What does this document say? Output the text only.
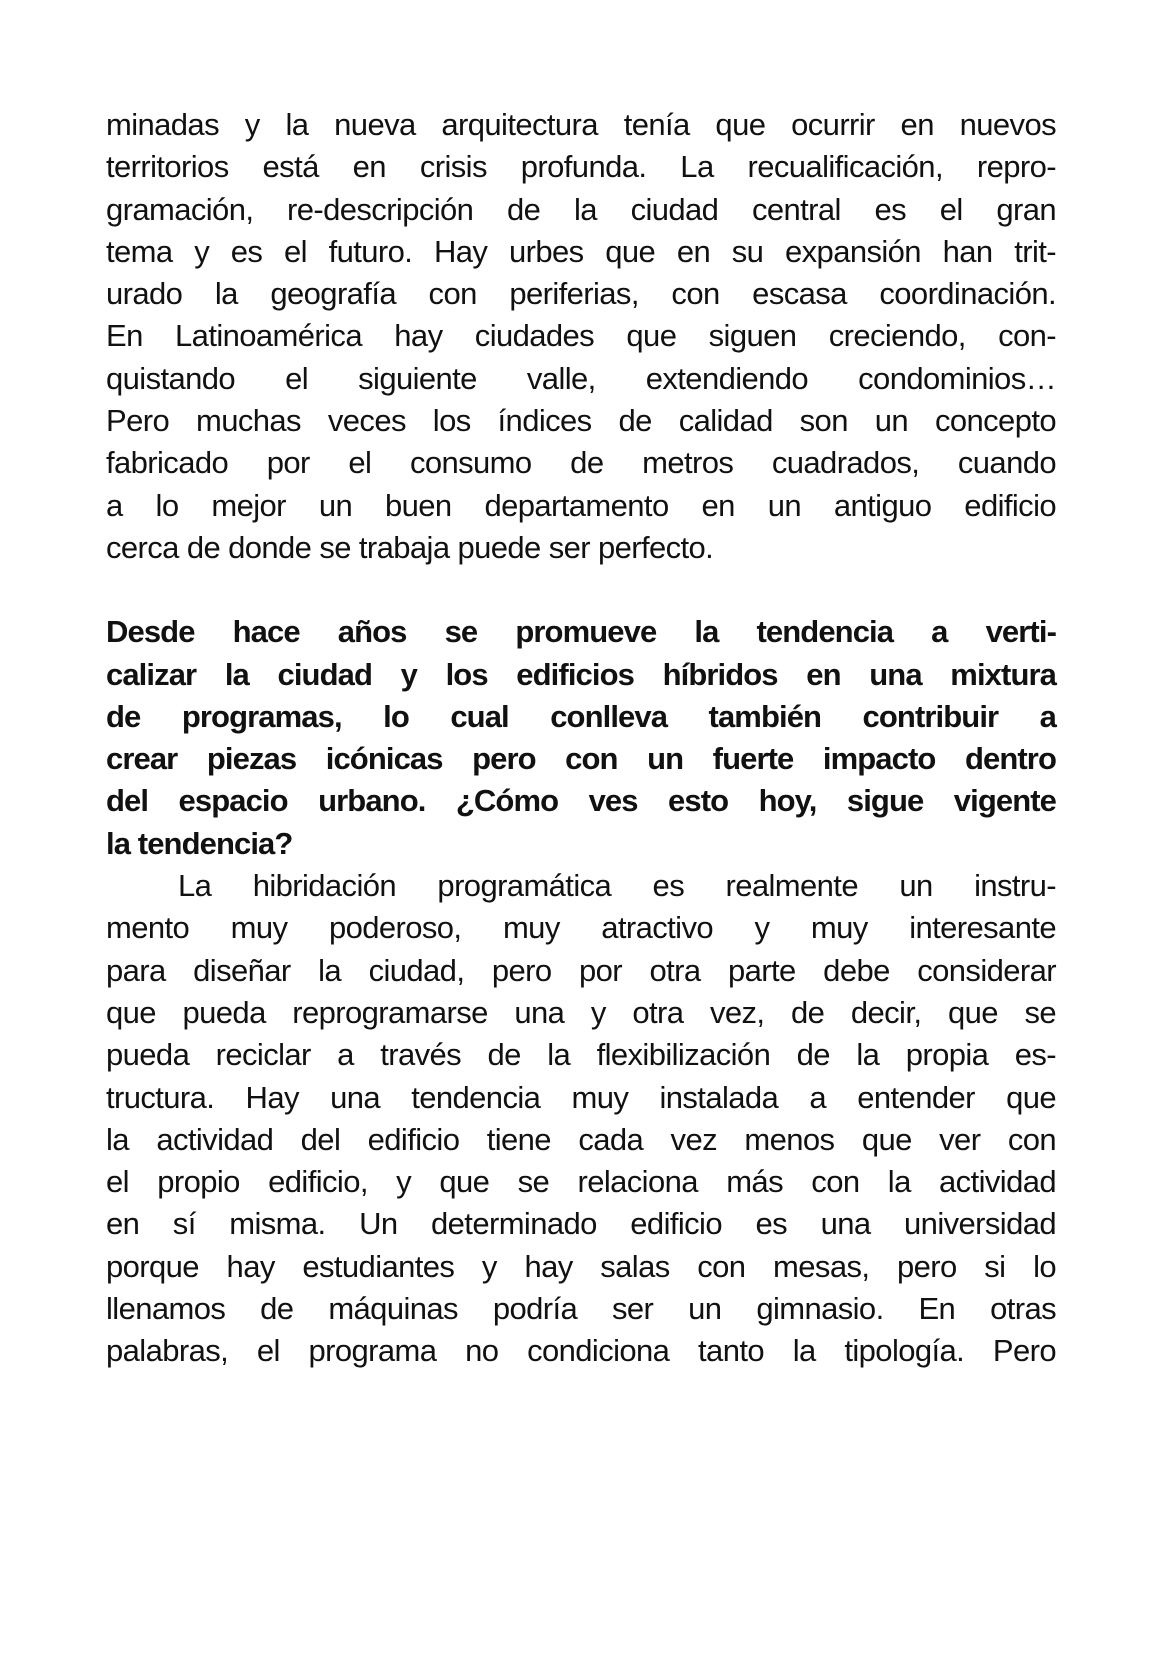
minadas y la nueva arquitectura tenía que ocurrir en nuevos
territorios está en crisis profunda. La recualificación, repro-
gramación, re-descripción de la ciudad central es el gran
tema y es el futuro. Hay urbes que en su expansión han trit-
urado la geografía con periferias, con escasa coordinación.
En Latinoamérica hay ciudades que siguen creciendo, con-
quistando el siguiente valle, extendiendo condominios…
Pero muchas veces los índices de calidad son un concepto
fabricado por el consumo de metros cuadrados, cuando
a lo mejor un buen departamento en un antiguo edificio
cerca de donde se trabaja puede ser perfecto.
Desde hace años se promueve la tendencia a verti-
calizar la ciudad y los edificios híbridos en una mixtura
de programas, lo cual conlleva también contribuir a
crear piezas icónicas pero con un fuerte impacto dentro
del espacio urbano. ¿Cómo ves esto hoy, sigue vigente
la tendencia?
La hibridación programática es realmente un instru-
mento muy poderoso, muy atractivo y muy interesante
para diseñar la ciudad, pero por otra parte debe considerar
que pueda reprogramarse una y otra vez, de decir, que se
pueda reciclar a través de la flexibilización de la propia es-
tructura. Hay una tendencia muy instalada a entender que
la actividad del edificio tiene cada vez menos que ver con
el propio edificio, y que se relaciona más con la actividad
en sí misma. Un determinado edificio es una universidad
porque hay estudiantes y hay salas con mesas, pero si lo
llenamos de máquinas podría ser un gimnasio. En otras
palabras, el programa no condiciona tanto la tipología. Pero
